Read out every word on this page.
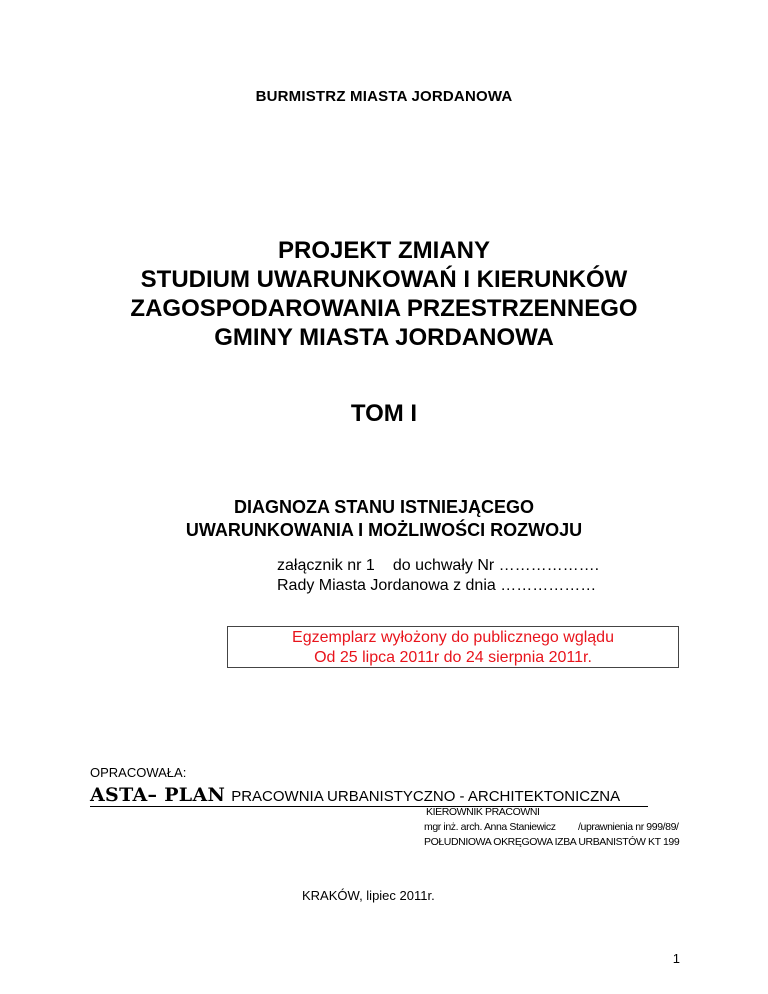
BURMISTRZ MIASTA JORDANOWA
PROJEKT ZMIANY
STUDIUM UWARUNKOWAŃ I KIERUNKÓW
ZAGOSPODAROWANIA PRZESTRZENNEGO
GMINY MIASTA JORDANOWA
TOM I
DIAGNOZA STANU ISTNIEJĄCEGO
UWARUNKOWANIA I MOŻLIWOŚCI ROZWOJU
załącznik nr 1 do uchwały Nr ……………….
Rady Miasta Jordanowa z dnia ………………
Egzemplarz wyłożony do publicznego wglądu
Od 25 lipca 2011r do 24 sierpnia 2011r.
OPRACOWAŁA:
ASTA– PLAN PRACOWNIA URBANISTYCZNO - ARCHITEKTONICZNA
KIEROWNIK PRACOWNI
mgr inż. arch. Anna Staniewicz /uprawnienia nr 999/89/
POŁUDNIOWA OKRĘGOWA IZBA URBANISTÓW KT 199
KRAKÓW, lipiec 2011r.
1
